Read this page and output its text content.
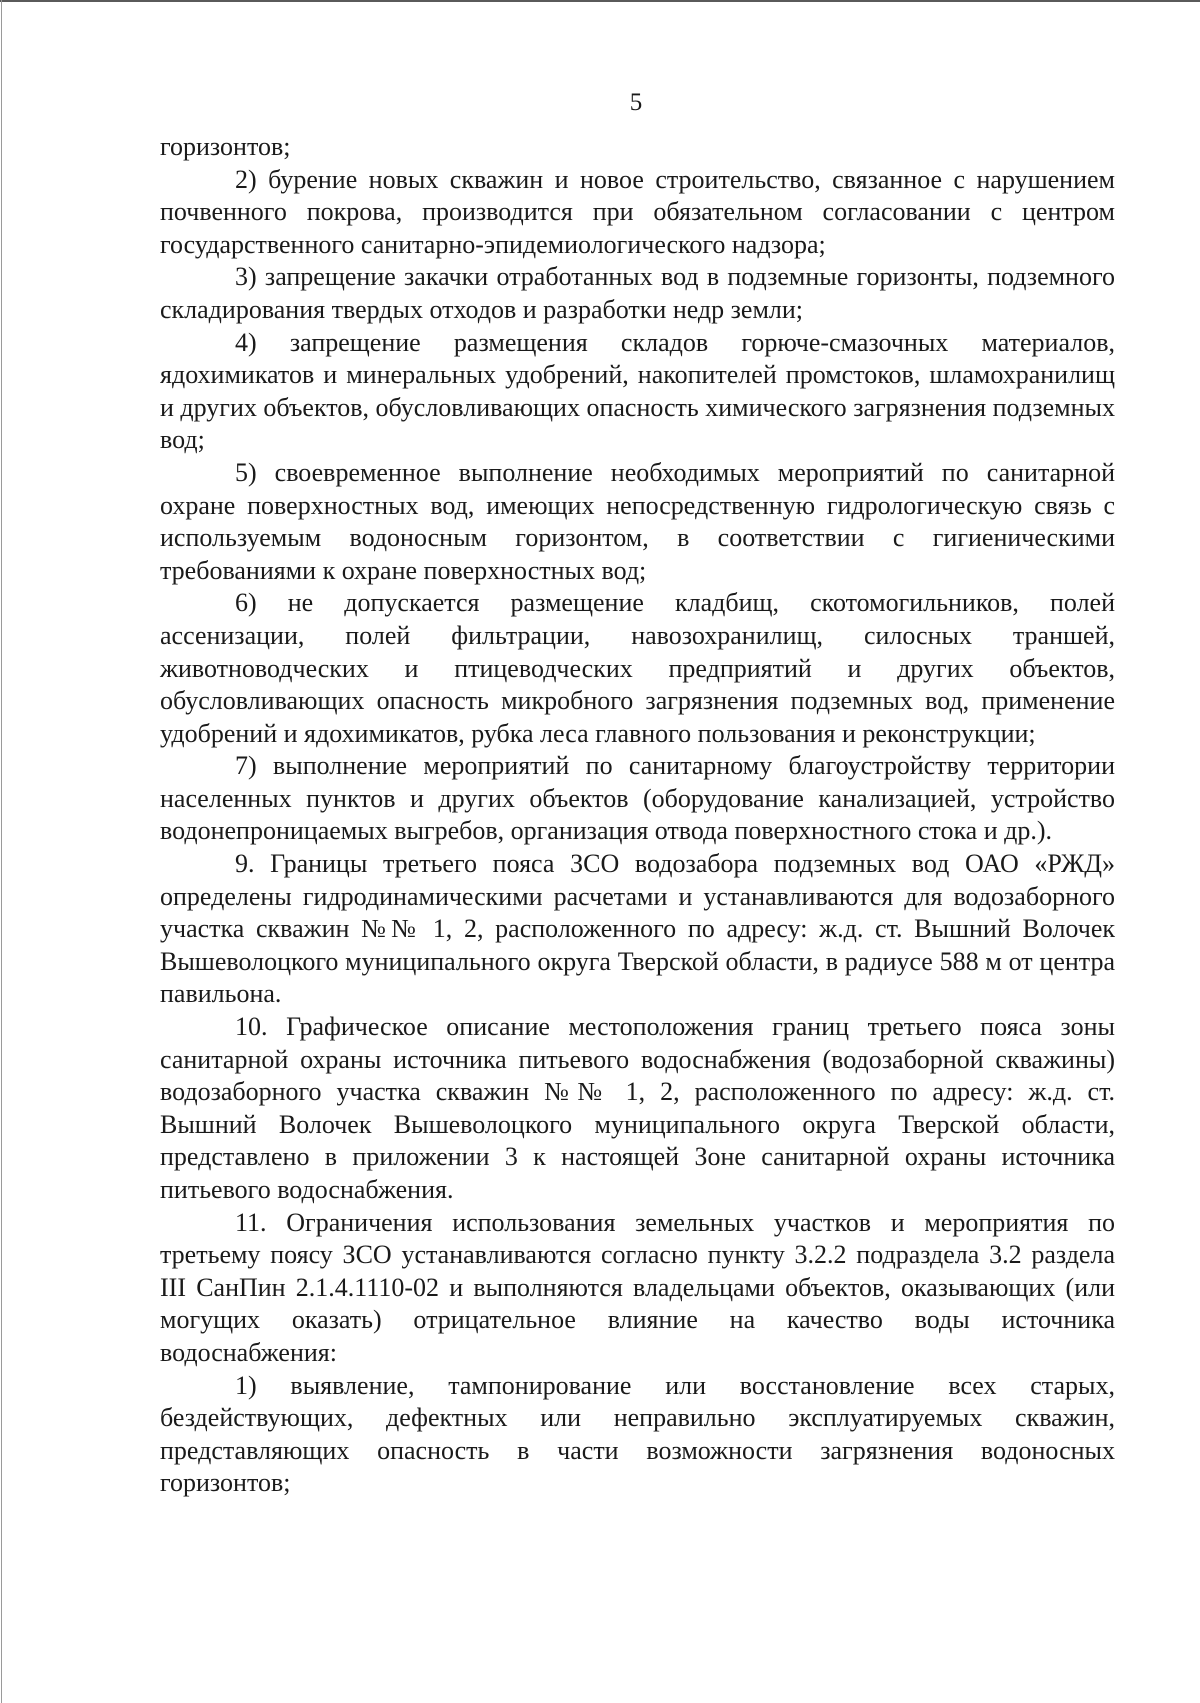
5

горизонтов;

2) бурение новых скважин и новое строительство, связанное с нарушением почвенного покрова, производится при обязательном согласовании с центром государственного санитарно-эпидемиологического надзора;

3) запрещение закачки отработанных вод в подземные горизонты, подземного складирования твердых отходов и разработки недр земли;

4) запрещение размещения складов горюче-смазочных материалов, ядохимикатов и минеральных удобрений, накопителей промстоков, шламохранилищ и других объектов, обусловливающих опасность химического загрязнения подземных вод;

5) своевременное выполнение необходимых мероприятий по санитарной охране поверхностных вод, имеющих непосредственную гидрологическую связь с используемым водоносным горизонтом, в соответствии с гигиеническими требованиями к охране поверхностных вод;

6) не допускается размещение кладбищ, скотомогильников, полей ассенизации, полей фильтрации, навозохранилищ, силосных траншей, животноводческих и птицеводческих предприятий и других объектов, обусловливающих опасность микробного загрязнения подземных вод, применение удобрений и ядохимикатов, рубка леса главного пользования и реконструкции;

7) выполнение мероприятий по санитарному благоустройству территории населенных пунктов и других объектов (оборудование канализацией, устройство водонепроницаемых выгребов, организация отвода поверхностного стока и др.).

9. Границы третьего пояса ЗСО водозабора подземных вод ОАО «РЖД» определены гидродинамическими расчетами и устанавливаются для водозаборного участка скважин №№ 1, 2, расположенного по адресу: ж.д. ст. Вышний Волочек Вышеволоцкого муниципального округа Тверской области, в радиусе 588 м от центра павильона.

10. Графическое описание местоположения границ третьего пояса зоны санитарной охраны источника питьевого водоснабжения (водозаборной скважины) водозаборного участка скважин №№ 1, 2, расположенного по адресу: ж.д. ст. Вышний Волочек Вышеволоцкого муниципального округа Тверской области, представлено в приложении 3 к настоящей Зоне санитарной охраны источника питьевого водоснабжения.

11. Ограничения использования земельных участков и мероприятия по третьему поясу ЗСО устанавливаются согласно пункту 3.2.2 подраздела 3.2 раздела III СанПин 2.1.4.1110-02 и выполняются владельцами объектов, оказывающих (или могущих оказать) отрицательное влияние на качество воды источника водоснабжения:

1) выявление, тампонирование или восстановление всех старых, бездействующих, дефектных или неправильно эксплуатируемых скважин, представляющих опасность в части возможности загрязнения водоносных горизонтов;
